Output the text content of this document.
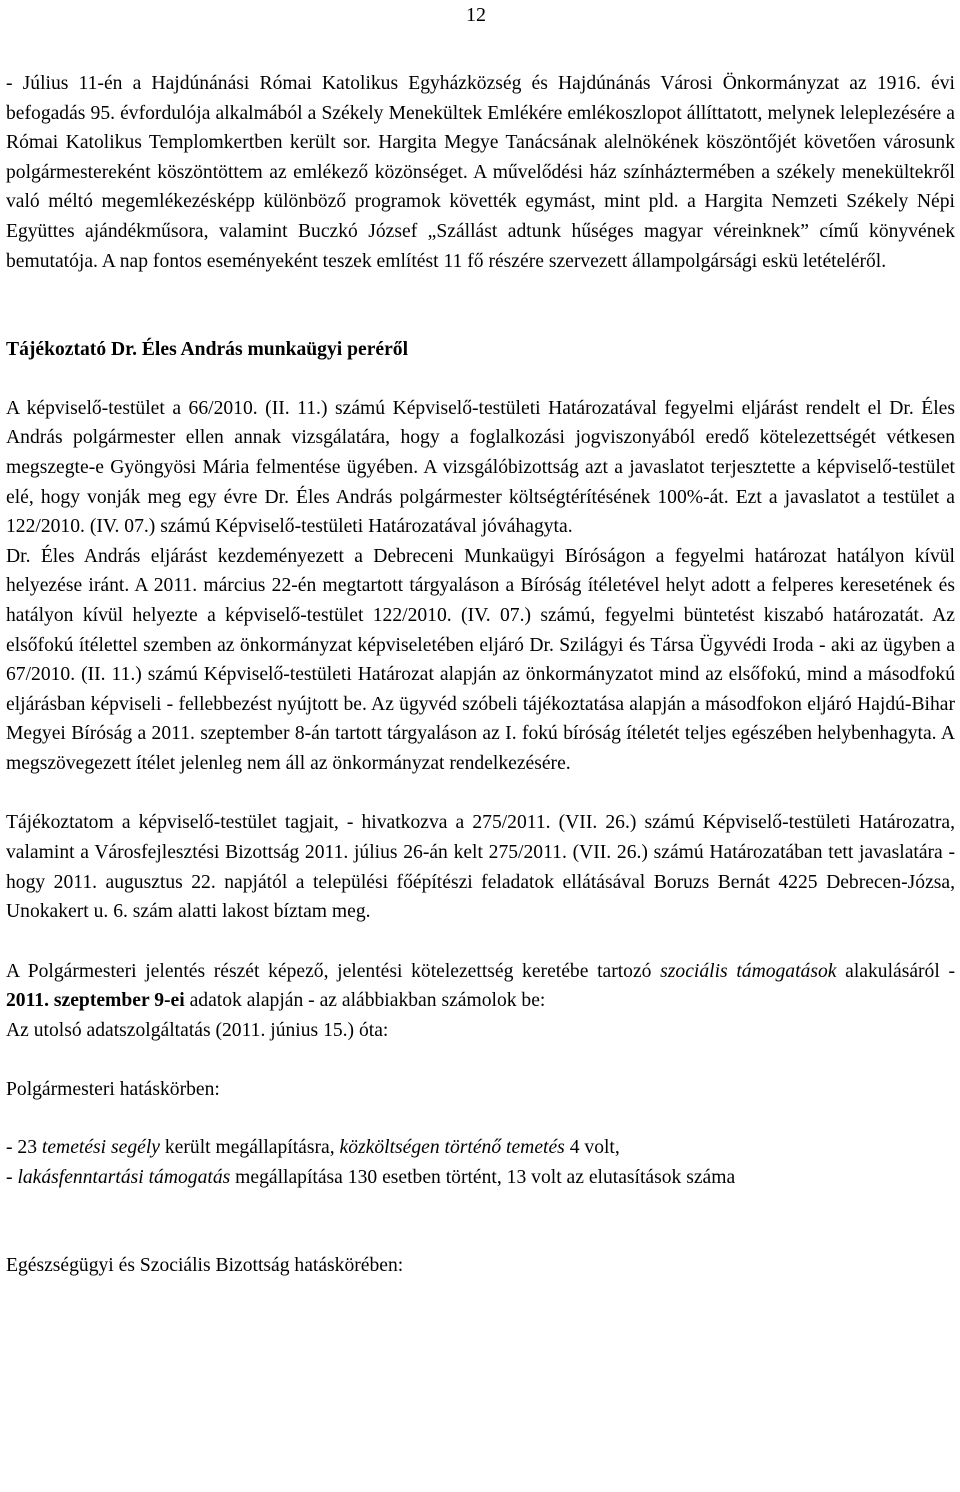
12

- Július 11-én a Hajdúnánási Római Katolikus Egyházközség és Hajdúnánás Városi Önkormányzat az 1916. évi befogadás 95. évfordulója alkalmából a Székely Menekültek Emlékére emlékoszlopot állíttatott, melynek leleplezésére a Római Katolikus Templomkertben került sor. Hargita Megye Tanácsának alelnökének köszöntőjét követően városunk polgármestereként köszöntöttem az emlékező közönséget. A művelődési ház színháztermében a székely menekültekről való méltó megemlékezésképp különböző programok követték egymást, mint pld. a Hargita Nemzeti Székely Népi Együttes ajándékműsora, valamint Buczkó József „Szállást adtunk hűséges magyar véreinknek” című könyvének bemutatója. A nap fontos eseményeként teszek említést 11 fő részére szervezett állampolgársági eskü letételéről.

Tájékoztató Dr. Éles András munkaügyi peréről

A képviselő-testület a 66/2010. (II. 11.) számú Képviselő-testületi Határozatával fegyelmi eljárást rendelt el Dr. Éles András polgármester ellen annak vizsgálatára, hogy a foglalkozási jogviszonyából eredő kötelezettségét vétkesen megszegte-e Gyöngyösi Mária felmentése ügyében. A vizsgálóbizottság azt a javaslatot terjesztette a képviselő-testület elé, hogy vonják meg egy évre Dr. Éles András polgármester költségtérítésének 100%-át. Ezt a javaslatot a testület a 122/2010. (IV. 07.) számú Képviselő-testületi Határozatával jóváhagyta.

Dr. Éles András eljárást kezdeményezett a Debreceni Munkaügyi Bíróságon a fegyelmi határozat hatályon kívül helyezése iránt. A 2011. március 22-én megtartott tárgyaláson a Bíróság ítéletével helyt adott a felperes keresetének és hatályon kívül helyezte a képviselő-testület 122/2010. (IV. 07.) számú, fegyelmi büntetést kiszabó határozatát. Az elsőfokú ítélettel szemben az önkormányzat képviseletében eljáró Dr. Szilágyi és Társa Ügyvédi Iroda - aki az ügyben a 67/2010. (II. 11.) számú Képviselő-testületi Határozat alapján az önkormányzatot mind az elsőfokú, mind a másodfokú eljárásban képviseli - fellebbezést nyújtott be. Az ügyvéd szóbeli tájékoztatása alapján a másodfokon eljáró Hajdú-Bihar Megyei Bíróság a 2011. szeptember 8-án tartott tárgyaláson az I. fokú bíróság ítéletét teljes egészében helybenhagyta. A megszövegezett ítélet jelenleg nem áll az önkormányzat rendelkezésére.

Tájékoztatom a képviselő-testület tagjait, - hivatkozva a 275/2011. (VII. 26.) számú Képviselő-testületi Határozatra, valamint a Városfejlesztési Bizottság 2011. július 26-án kelt 275/2011. (VII. 26.) számú Határozatában tett javaslatára - hogy 2011. augusztus 22. napjától a települési főépítészi feladatok ellátásával Boruzs Bernát 4225 Debrecen-Józsa, Unokakert u. 6. szám alatti lakost bíztam meg.

A Polgármesteri jelentés részét képező, jelentési kötelezettség keretébe tartozó szociális támogatások alakulásáról - 2011. szeptember 9-ei adatok alapján - az alábbiakban számolok be:

Az utolsó adatszolgáltatás (2011. június 15.) óta:

Polgármesteri hatáskörben:

- 23 temetési segély került megállapításra, közköltségen történő temetés 4 volt,

- lakásfenntartási támogatás megállapítása 130 esetben történt, 13 volt az elutasítások száma

Egészségügyi és Szociális Bizottság hatáskörében:
